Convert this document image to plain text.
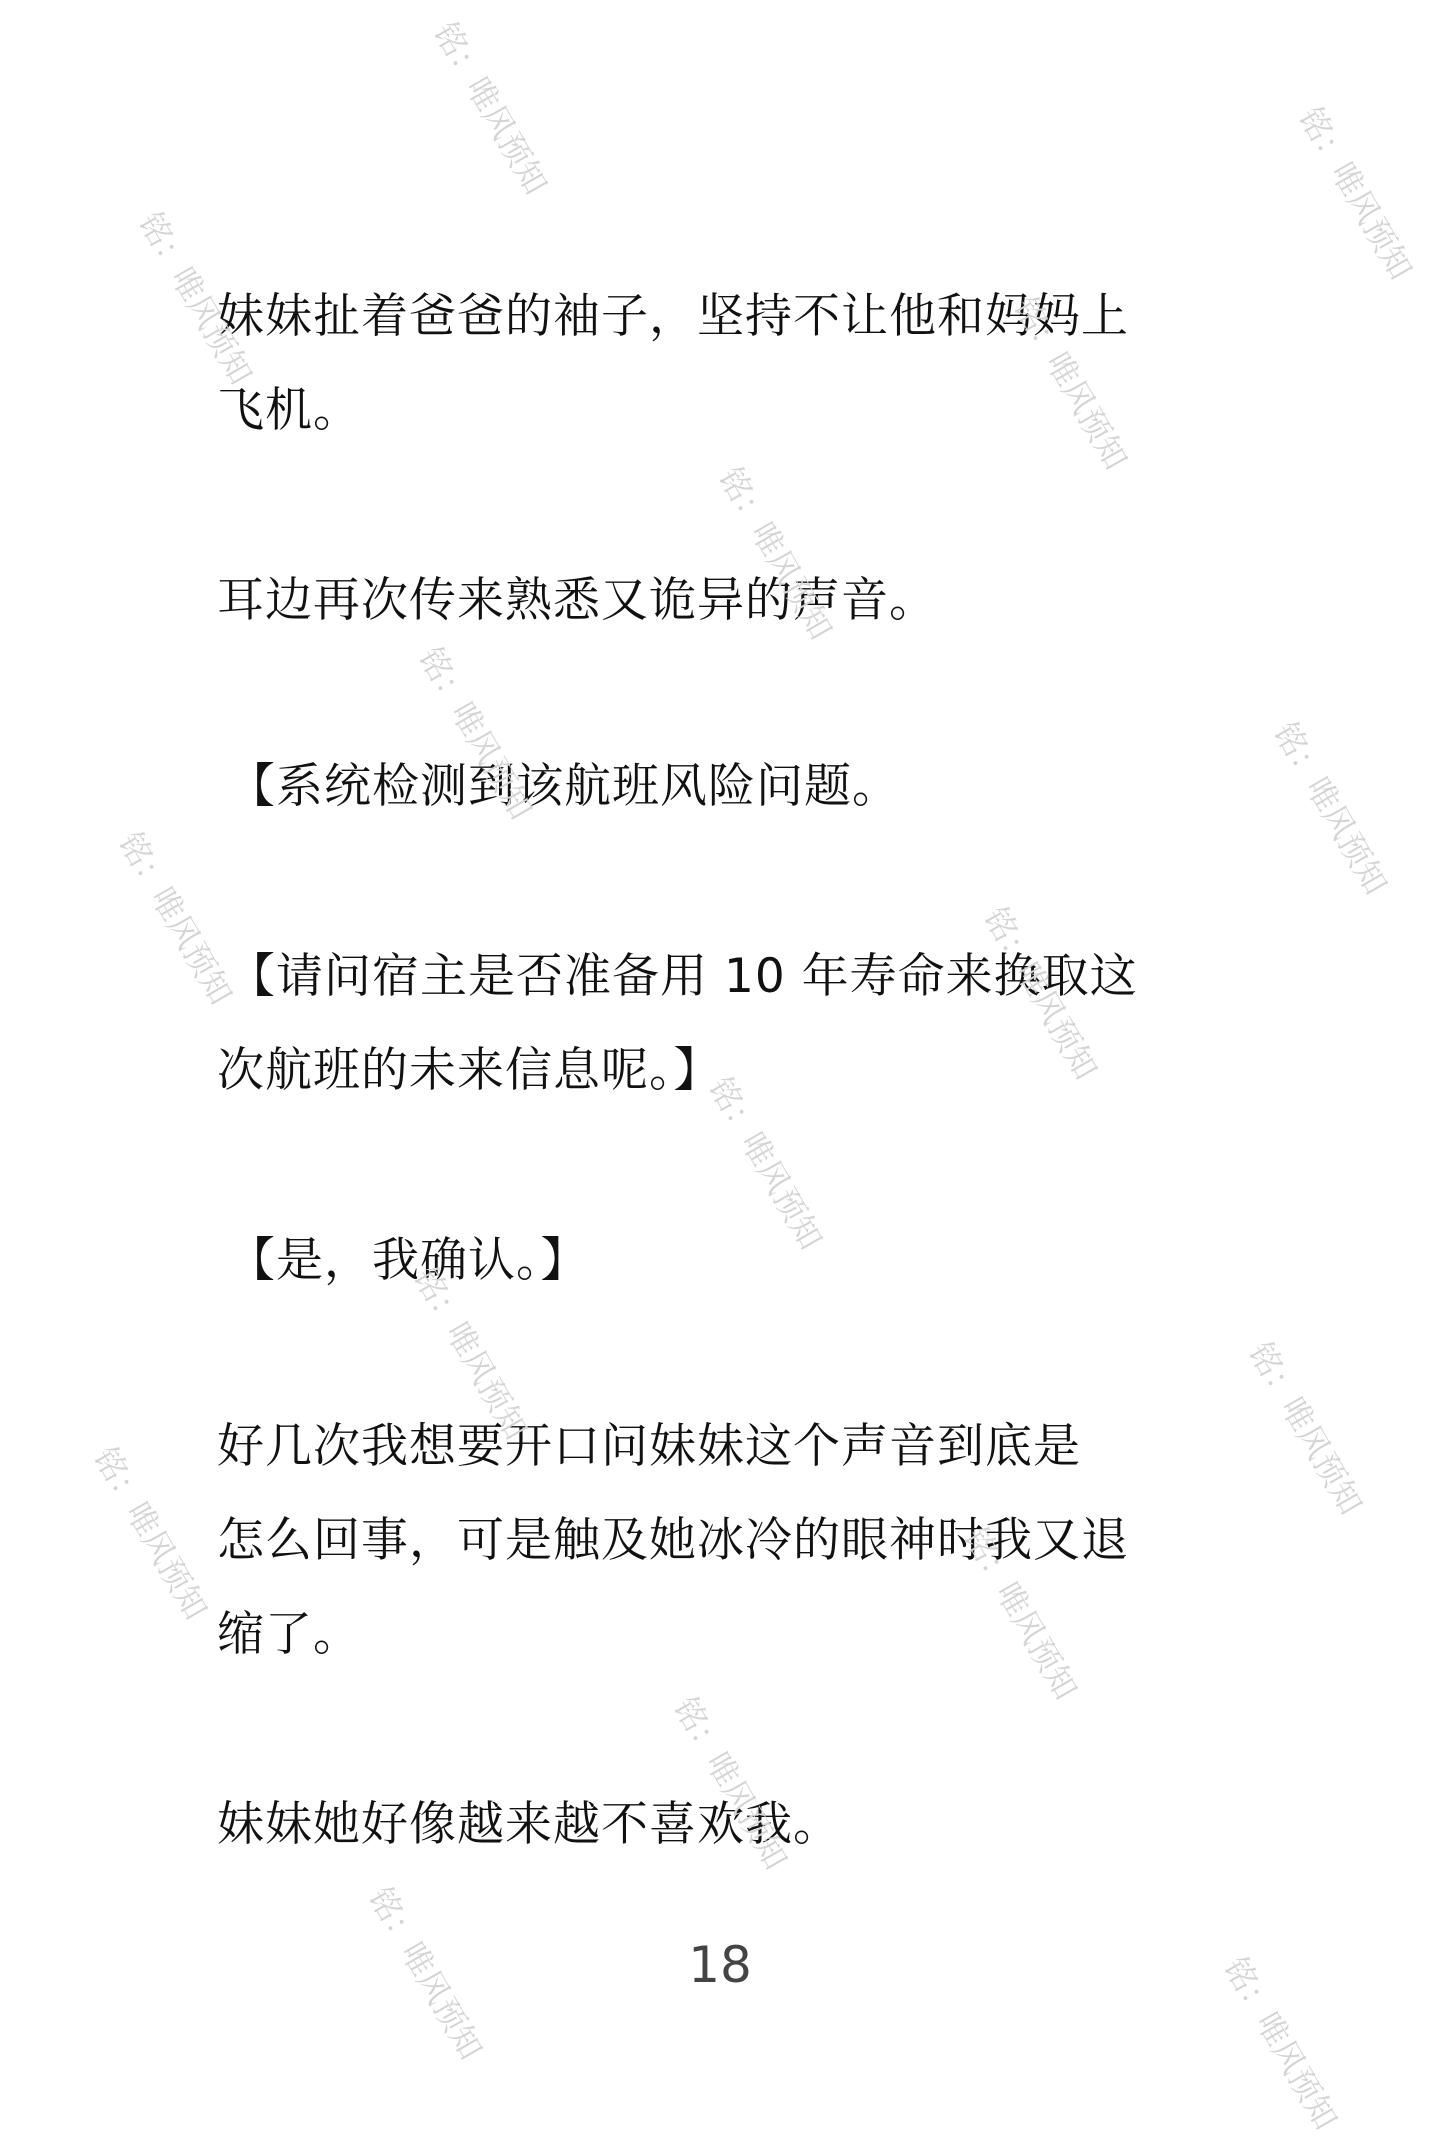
妹妹扯着爸爸的袖子，坚持不让他和妈妈上
飞机。

耳边再次传来熟悉又诡异的声音。

【系统检测到该航班风险问题。

【请问宿主是否准备用 10 年寿命来换取这
次航班的未来信息呢。】

【是，我确认。】

好几次我想要开口问妹妹这个声音到底是
怎么回事，可是触及她冰冷的眼神时我又退
缩了。

妹妹她好像越来越不喜欢我。

18
铭：唯风预知	铭：唯风预知
铭：唯风预知	铭：唯风预知
铭：唯风预知
铭：唯风预知	铭：唯风预知
铭：唯风预知	铭：唯风预知
铭：唯风预知
铭：唯风预知	铭：唯风预知
铭：唯风预知	铭：唯风预知
铭：唯风预知
铭：唯风预知	铭：唯风预知
